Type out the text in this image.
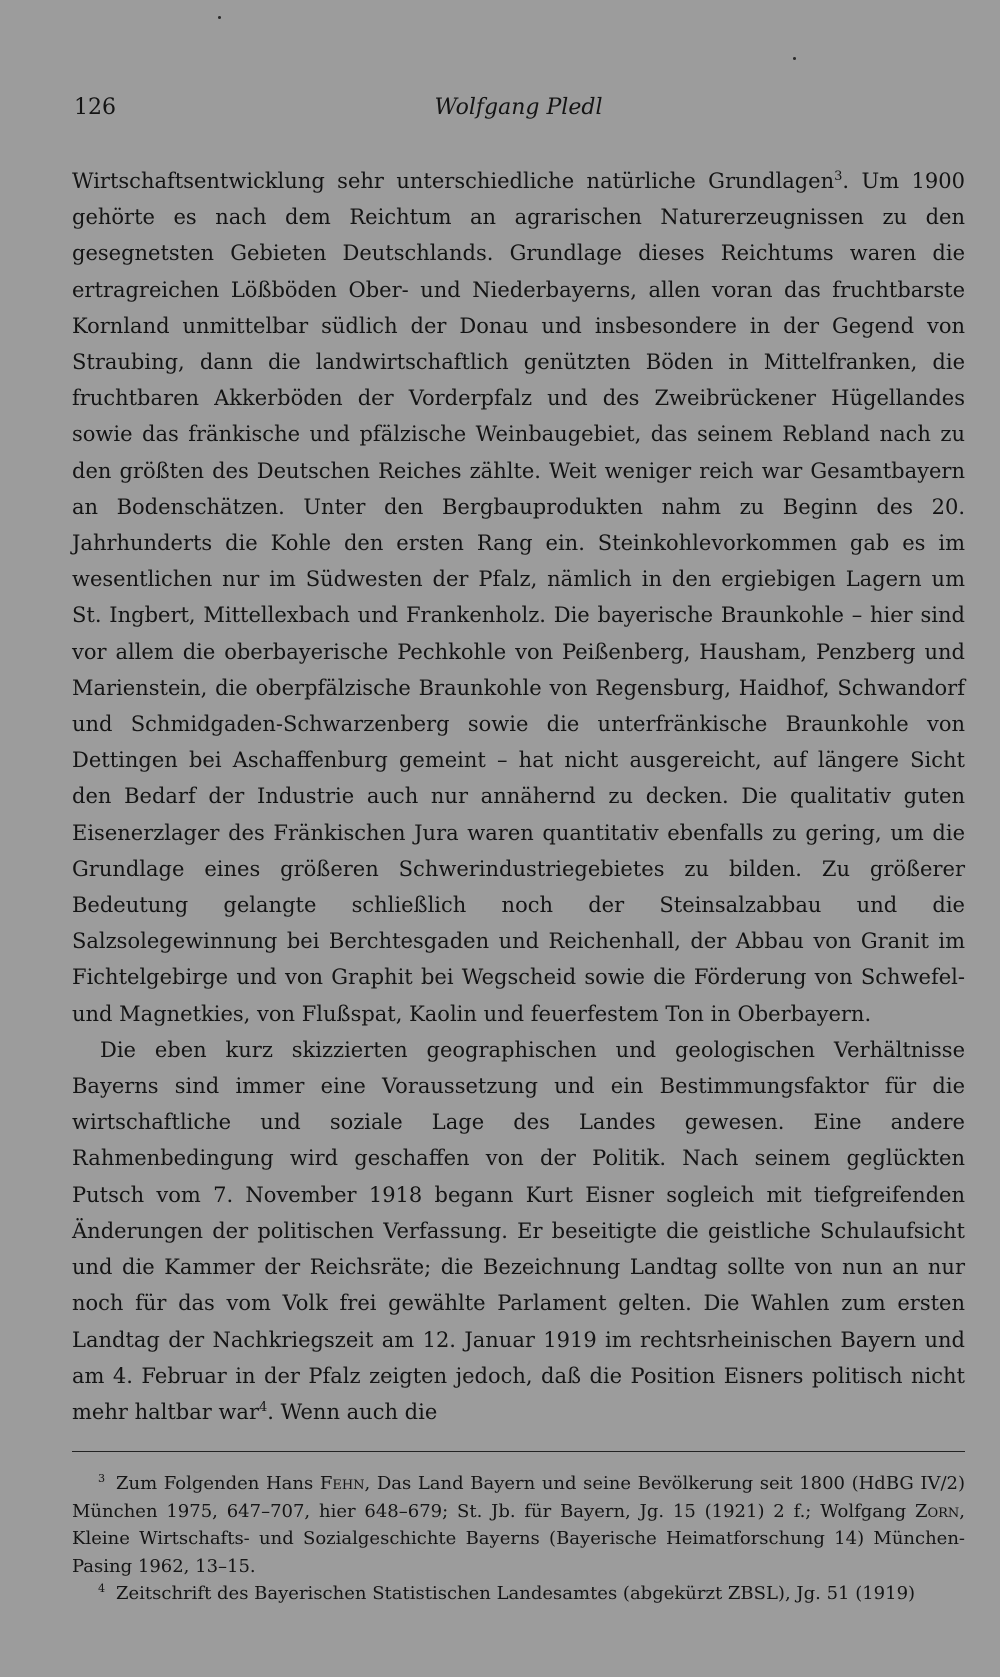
126	Wolfgang Pledl

Wirtschaftsentwicklung sehr unterschiedliche natürliche Grundlagen$^3$. Um 1900 gehörte es nach dem Reichtum an agrarischen Naturerzeugnissen zu den gesegnetsten Gebieten Deutschlands. Grundlage dieses Reichtums waren die ertragreichen Lößböden Ober- und Niederbayerns, allen voran das fruchtbarste Kornland unmittelbar südlich der Donau und insbesondere in der Gegend von Straubing, dann die landwirtschaftlich genützten Böden in Mittelfranken, die fruchtbaren Akkerböden der Vorderpfalz und des Zweibrückener Hügellandes sowie das fränkische und pfälzische Weinbaugebiet, das seinem Rebland nach zu den größten des Deutschen Reiches zählte. Weit weniger reich war Gesamtbayern an Bodenschätzen. Unter den Bergbauprodukten nahm zu Beginn des 20. Jahrhunderts die Kohle den ersten Rang ein. Steinkohlevorkommen gab es im wesentlichen nur im Südwesten der Pfalz, nämlich in den ergiebigen Lagern um St. Ingbert, Mittellexbach und Frankenholz. Die bayerische Braunkohle – hier sind vor allem die oberbayerische Pechkohle von Peißenberg, Hausham, Penzberg und Marienstein, die oberpfälzische Braunkohle von Regensburg, Haidhof, Schwandorf und Schmidgaden-Schwarzenberg sowie die unterfränkische Braunkohle von Dettingen bei Aschaffenburg gemeint – hat nicht ausgereicht, auf längere Sicht den Bedarf der Industrie auch nur annähernd zu decken. Die qualitativ guten Eisenerzlager des Fränkischen Jura waren quantitativ ebenfalls zu gering, um die Grundlage eines größeren Schwerindustriegebietes zu bilden. Zu größerer Bedeutung gelangte schließlich noch der Steinsalzabbau und die Salzsolegewinnung bei Berchtesgaden und Reichenhall, der Abbau von Granit im Fichtelgebirge und von Graphit bei Wegscheid sowie die Förderung von Schwefel- und Magnetkies, von Flußspat, Kaolin und feuerfestem Ton in Oberbayern.

Die eben kurz skizzierten geographischen und geologischen Verhältnisse Bayerns sind immer eine Voraussetzung und ein Bestimmungsfaktor für die wirtschaftliche und soziale Lage des Landes gewesen. Eine andere Rahmenbedingung wird geschaffen von der Politik. Nach seinem geglückten Putsch vom 7. November 1918 begann Kurt Eisner sogleich mit tiefgreifenden Änderungen der politischen Verfassung. Er beseitigte die geistliche Schulaufsicht und die Kammer der Reichsräte; die Bezeichnung Landtag sollte von nun an nur noch für das vom Volk frei gewählte Parlament gelten. Die Wahlen zum ersten Landtag der Nachkriegszeit am 12. Januar 1919 im rechtsrheinischen Bayern und am 4. Februar in der Pfalz zeigten jedoch, daß die Position Eisners politisch nicht mehr haltbar war$^4$. Wenn auch die

$^3$ Zum Folgenden Hans Fehn, Das Land Bayern und seine Bevölkerung seit 1800 (HdBG IV/2) München 1975, 647–707, hier 648–679; St. Jb. für Bayern, Jg. 15 (1921) 2 f.; Wolfgang Zorn, Kleine Wirtschafts- und Sozialgeschichte Bayerns (Bayerische Heimatforschung 14) München-Pasing 1962, 13–15.

$^4$ Zeitschrift des Bayerischen Statistischen Landesamtes (abgekürzt ZBSL), Jg. 51 (1919)
